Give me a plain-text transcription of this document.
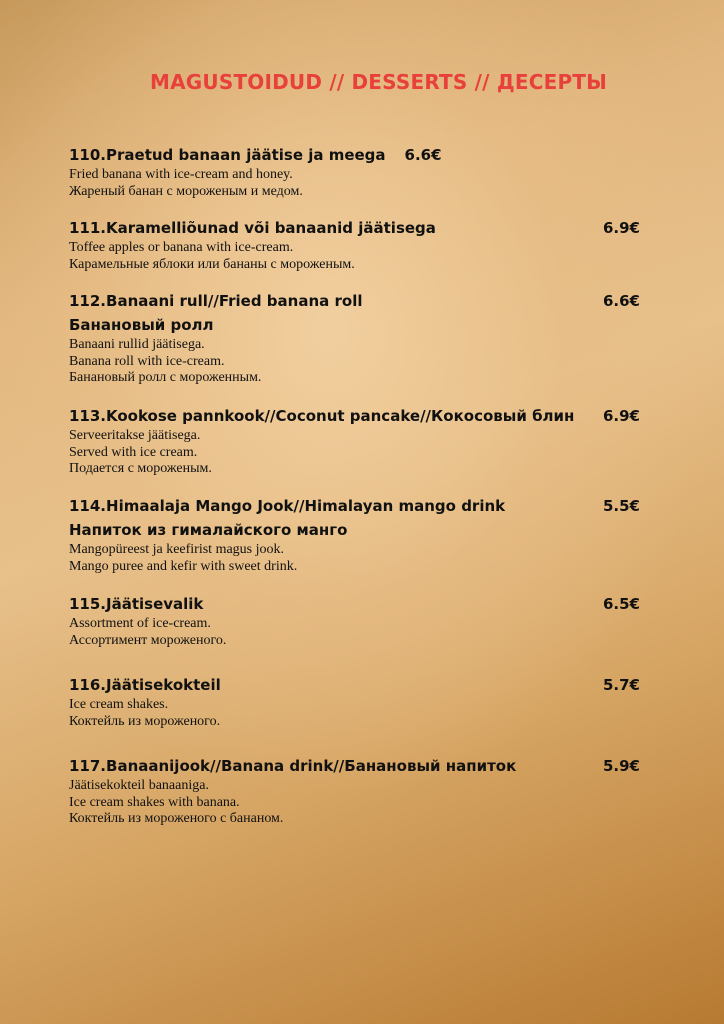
MAGUSTOIDUD // DESSERTS // ДЕСЕРТЫ
110.Praetud banaan jäätise ja meega	6.6€
Fried banana with ice-cream and honey.
Жареный банан с мороженым и медом.
111.Karamelliõunad või banaanid jäätisega	6.9€
Toffee apples or banana with ice-cream.
Карамельные яблоки или бананы с мороженым.
112.Banaani rull//Fried banana roll	6.6€
Банановый ролл
Banaani rullid jäätisega.
Banana roll with ice-cream.
Банановый ролл с мороженным.
113.Kookose pannkook//Coconut pancake//Кокосовый блин	6.9€
Serveeritakse jäätisega.
Served with ice cream.
Подается с мороженым.
114.Himaalaja Mango Jook//Himalayan mango drink	5.5€
Напиток из гималайского манго
Mangopüreest ja keefirist magus jook.
Mango puree and kefir with sweet drink.
115.Jäätisevalik	6.5€
Assortment of ice-cream.
Ассортимент мороженого.
116.Jäätisekokteil	5.7€
Ice cream shakes.
Коктейль из мороженого.
117.Banaanijook//Banana drink//Банановый напиток	5.9€
Jäätisekokteil banaaniga.
Ice cream shakes with banana.
Коктейль из мороженого с бананом.
